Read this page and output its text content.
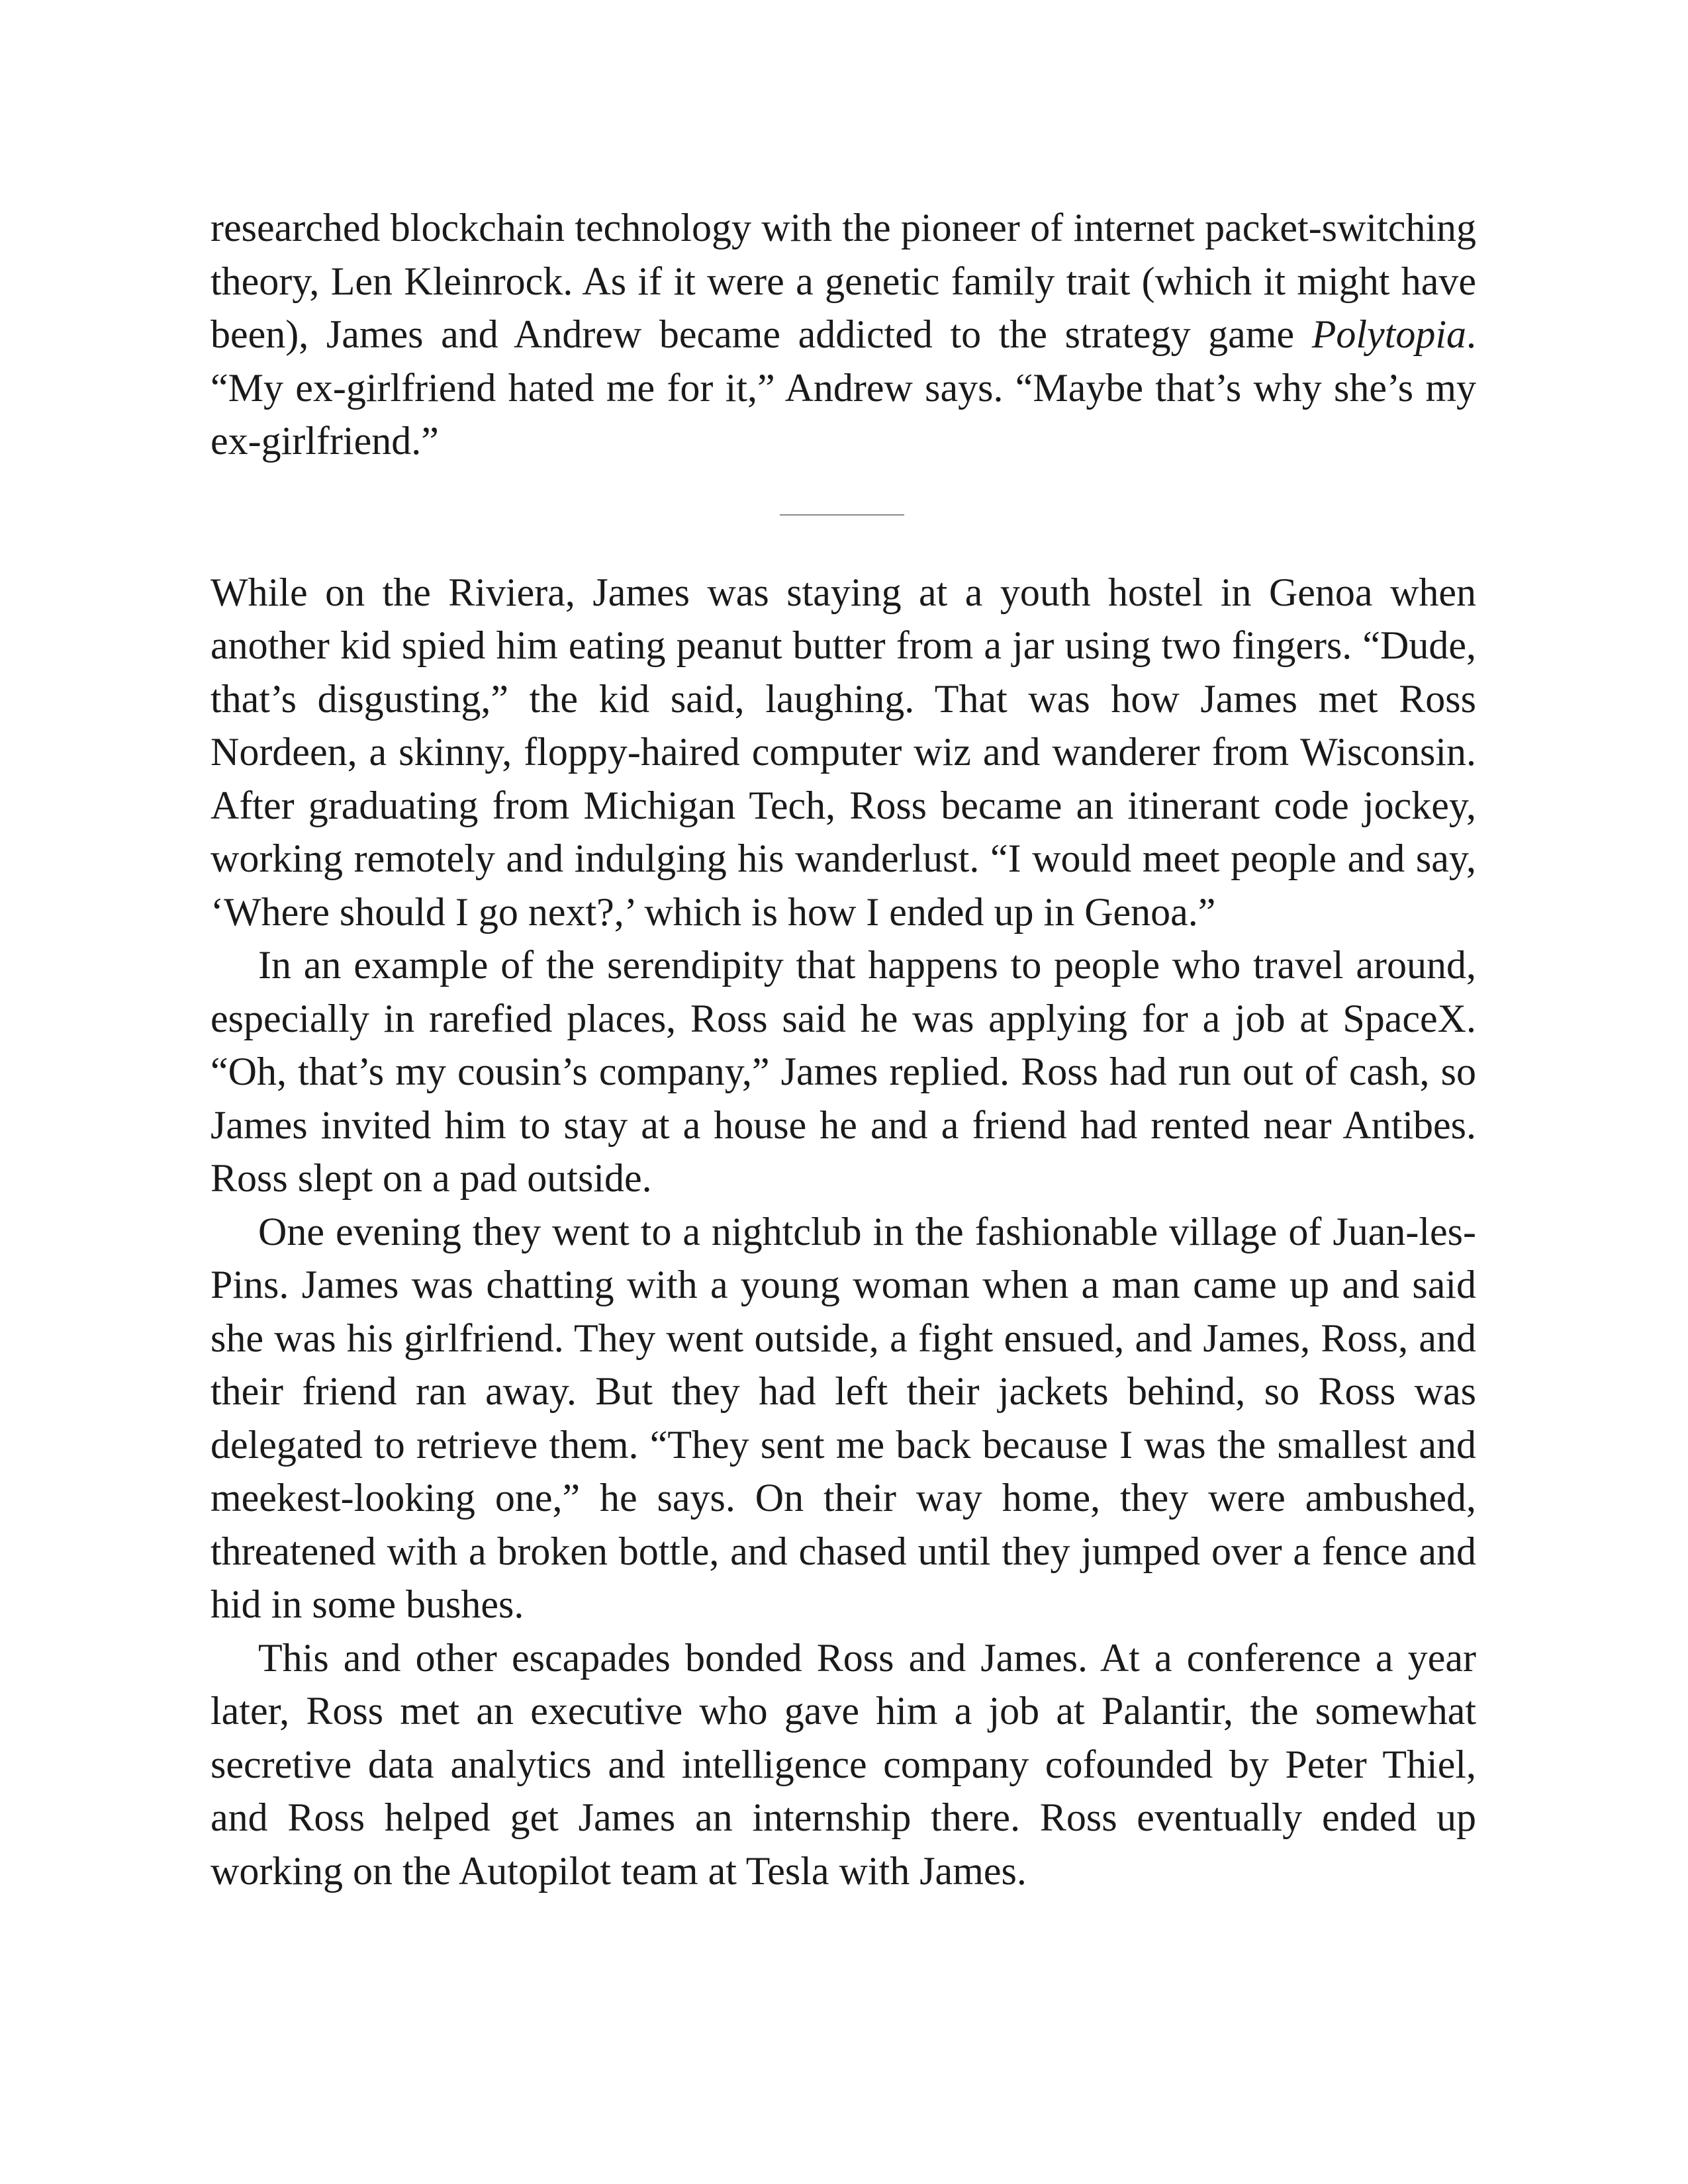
researched blockchain technology with the pioneer of internet packet-switching theory, Len Kleinrock. As if it were a genetic family trait (which it might have been), James and Andrew became addicted to the strategy game Polytopia. “My ex-girlfriend hated me for it,” Andrew says. “Maybe that’s why she’s my ex-girlfriend.”

While on the Riviera, James was staying at a youth hostel in Genoa when another kid spied him eating peanut butter from a jar using two fingers. “Dude, that’s disgusting,” the kid said, laughing. That was how James met Ross Nordeen, a skinny, floppy-haired computer wiz and wanderer from Wisconsin. After graduating from Michigan Tech, Ross became an itinerant code jockey, working remotely and indulging his wanderlust. “I would meet people and say, ‘Where should I go next?,’ which is how I ended up in Genoa.”

In an example of the serendipity that happens to people who travel around, especially in rarefied places, Ross said he was applying for a job at SpaceX. “Oh, that’s my cousin’s company,” James replied. Ross had run out of cash, so James invited him to stay at a house he and a friend had rented near Antibes. Ross slept on a pad outside.

One evening they went to a nightclub in the fashionable village of Juan-les-Pins. James was chatting with a young woman when a man came up and said she was his girlfriend. They went outside, a fight ensued, and James, Ross, and their friend ran away. But they had left their jackets behind, so Ross was delegated to retrieve them. “They sent me back because I was the smallest and meekest-looking one,” he says. On their way home, they were ambushed, threatened with a broken bottle, and chased until they jumped over a fence and hid in some bushes.

This and other escapades bonded Ross and James. At a conference a year later, Ross met an executive who gave him a job at Palantir, the somewhat secretive data analytics and intelligence company cofounded by Peter Thiel, and Ross helped get James an internship there. Ross eventually ended up working on the Autopilot team at Tesla with James.
